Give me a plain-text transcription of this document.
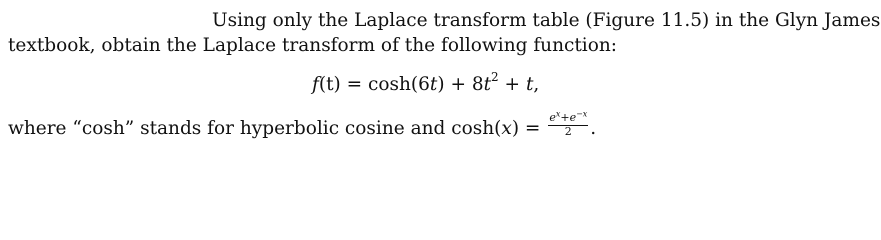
Using only the Laplace transform table (Figure 11.5) in the Glyn James
textbook, obtain the Laplace transform of the following function:
$f(t) = \cosh(6t) + 8t^2 + t$,
where “cosh” stands for hyperbolic cosine and $\cosh(x) = \frac{e^x+e^{-x}}{2}$ .
